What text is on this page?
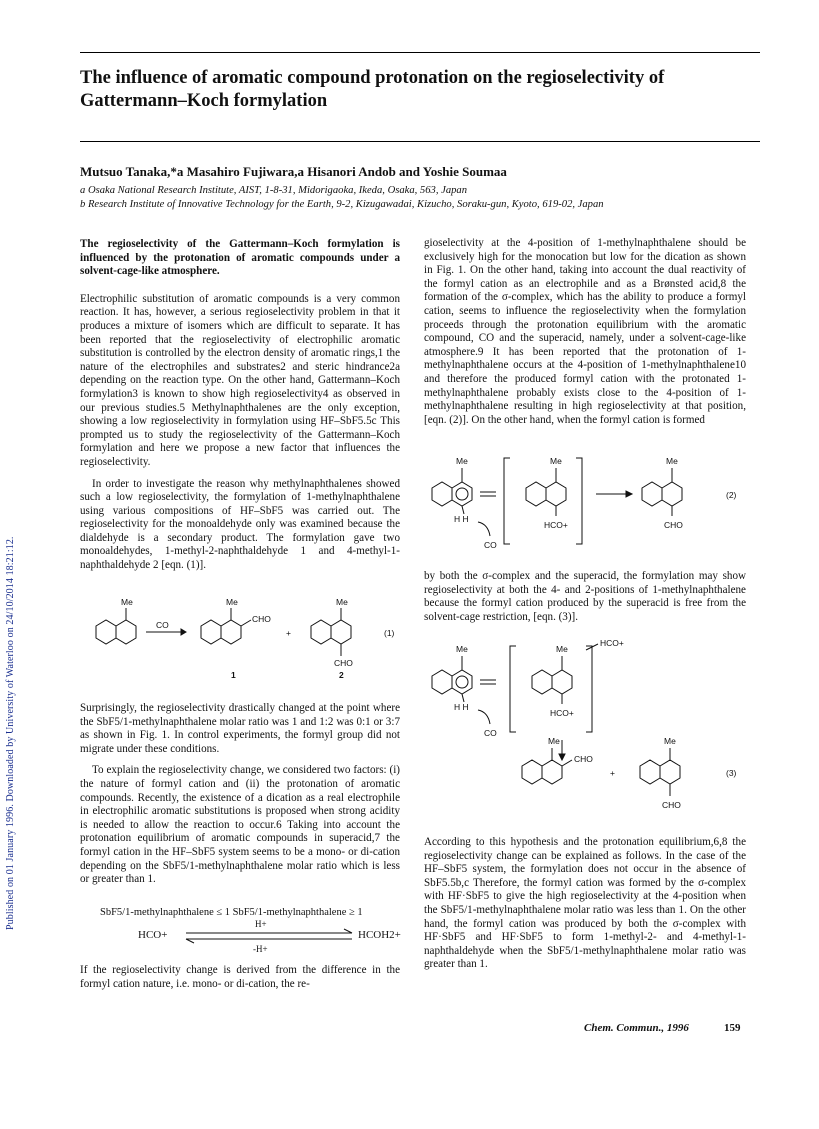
Published on 01 January 1996. Downloaded by University of Waterloo on 24/10/2014 18:21:12.
The influence of aromatic compound protonation on the regioselectivity of Gattermann–Koch formylation
Mutsuo Tanaka,*a Masahiro Fujiwara,a Hisanori Andob and Yoshie Soumaa
a Osaka National Research Institute, AIST, 1-8-31, Midorigaoka, Ikeda, Osaka, 563, Japan
b Research Institute of Innovative Technology for the Earth, 9-2, Kizugawadai, Kizucho, Soraku-gun, Kyoto, 619-02, Japan

The regioselectivity of the Gattermann–Koch formylation is influenced by the protonation of aromatic compounds under a solvent-cage-like atmosphere.

Electrophilic substitution of aromatic compounds is a very common reaction. It has, however, a serious regioselectivity problem in that it produces a mixture of isomers which are difficult to separate. It has been reported that the regioselectivity of electrophilic aromatic substitution is controlled by the electron density of aromatic rings,1 the nature of the electrophiles and substrates2 and steric hindrance2a depending on the reaction type. On the other hand, Gattermann–Koch formylation3 is known to show high regioselectivity4 as observed in our previous studies.5 Methylnaphthalenes are the only exception, showing a low regioselectivity in formylation using HF–SbF5.5c This prompted us to study the regioselectivity of the Gattermann–Koch formylation and here we propose a new factor that influences the regioselectivity.

In order to investigate the reason why methylnaphthalenes showed such a low regioselectivity, the formylation of 1-methylnaphthalene using various compositions of HF–SbF5 was carried out. The regioselectivity for the monoaldehyde only was examined because the dialdehyde is a secondary product. The formylation gave two monoaldehydes, 1-methyl-2-naphthaldehyde 1 and 4-methyl-1-naphthaldehyde 2 [eqn. (1)].

Me
CO
Me
CHO
+
Me
CHO
(1)
1	2

Surprisingly, the regioselectivity drastically changed at the point where the SbF5/1-methylnaphthalene molar ratio was 1 and 1:2 was 0:1 or 3:7 as shown in Fig. 1. In control experiments, the formyl group did not migrate under these conditions.

To explain the regioselectivity change, we considered two factors: (i) the nature of formyl cation and (ii) the protonation of aromatic compounds. Recently, the existence of a dication as a real electrophile in electrophilic aromatic substitutions is proposed when strong acidity is needed to allow the reaction to occur.6 Taking into account the protonation equilibrium of aromatic compounds in superacid,7 the formyl cation in the HF–SbF5 system seems to be a mono- or di-cation depending on the SbF5/1-methylnaphthalene molar ratio which is less or greater than 1.

SbF5/1-methylnaphthalene ≤ 1 SbF5/1-methylnaphthalene ≥ 1
H+
HCO+	HCOH2+
-H+

If the regioselectivity change is derived from the difference in the formyl cation nature, i.e. mono- or di-cation, the re-

gioselectivity at the 4-position of 1-methylnaphthalene should be exclusively high for the monocation but low for the dication as shown in Fig. 1. On the other hand, taking into account the dual reactivity of the formyl cation as an electrophile and as a Brønsted acid,8 the formation of the σ-complex, which has the ability to produce a formyl cation, seems to influence the regioselectivity when the formylation proceeds through the protonation equilibrium with the aromatic compound, CO and the superacid, namely, under a solvent-cage-like atmosphere.9 It has been reported that the protonation of 1-methylnaphthalene occurs at the 4-position of 1-methylnaphthalene10 and therefore the produced formyl cation with the protonated 1-methylnaphthalene probably exists close to the 4-position of 1-methylnaphthalene resulting in high regioselectivity at that position, [eqn. (2)]. On the other hand, when the formyl cation is formed

Me
H H
CO
Me
HCO+
Me
CHO
(2)

by both the σ-complex and the superacid, the formylation may show regioselectivity at both the 4- and 2-positions of 1-methylnaphthalene because the formyl cation produced by the superacid is free from the solvent-cage restriction, [eqn. (3)].

Me
H H
CO
Me
HCO+
HCO+
Me
CHO
+
Me
CHO
(3)

According to this hypothesis and the protonation equilibrium,6,8 the regioselectivity change can be explained as follows. In the case of the HF–SbF5 system, the formylation does not occur in the absence of SbF5.5b,c Therefore, the formyl cation was formed by the σ-complex with HF·SbF5 to give the high regioselectivity at the 4-position when the SbF5/1-methylnaphthalene molar ratio was less than 1. On the other hand, the formyl cation was produced by both the σ-complex with HF·SbF5 and HF·SbF5 to form 1-methyl-2- and 4-methyl-1-naphthaldehyde when the SbF5/1-methylnaphthalene molar ratio was greater than 1.

Chem. Commun., 1996	159
